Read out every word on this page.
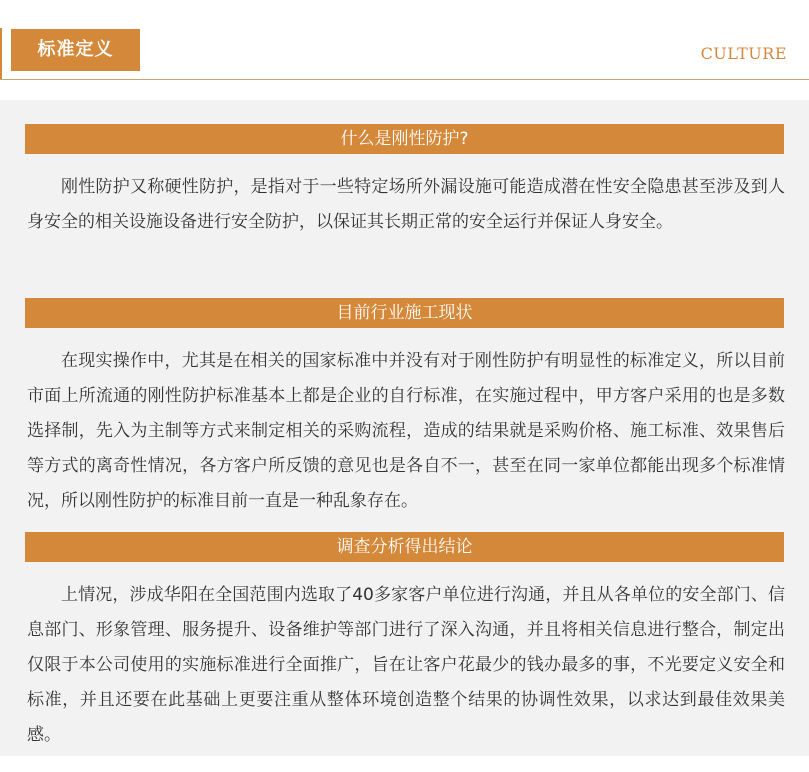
标准定义	CULTURE
什么是刚性防护?

刚性防护又称硬性防护，是指对于一些特定场所外漏设施可能造成潜在性安全隐患甚至涉及到人身安全的相关设施设备进行安全防护，以保证其长期正常的安全运行并保证人身安全。

目前行业施工现状

在现实操作中，尤其是在相关的国家标准中并没有对于刚性防护有明显性的标准定义，所以目前市面上所流通的刚性防护标准基本上都是企业的自行标准，在实施过程中，甲方客户采用的也是多数选择制，先入为主制等方式来制定相关的采购流程，造成的结果就是采购价格、施工标准、效果售后等方式的离奇性情况，各方客户所反馈的意见也是各自不一，甚至在同一家单位都能出现多个标准情况，所以刚性防护的标准目前一直是一种乱象存在。

调查分析得出结论

上情况，涉成华阳在全国范围内选取了40多家客户单位进行沟通，并且从各单位的安全部门、信息部门、形象管理、服务提升、设备维护等部门进行了深入沟通，并且将相关信息进行整合，制定出仅限于本公司使用的实施标准进行全面推广，旨在让客户花最少的钱办最多的事，不光要定义安全和标准，并且还要在此基础上更要注重从整体环境创造整个结果的协调性效果，以求达到最佳效果美感。
